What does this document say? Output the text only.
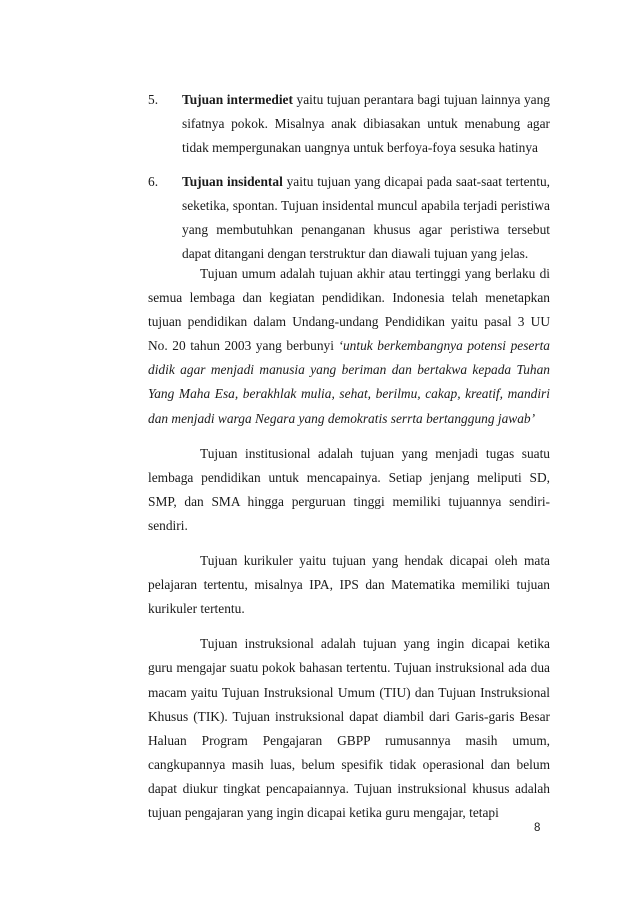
5. Tujuan intermediet yaitu tujuan perantara bagi tujuan lainnya yang sifatnya pokok. Misalnya anak dibiasakan untuk menabung agar tidak mempergunakan uangnya untuk berfoya-foya sesuka hatinya
6. Tujuan insidental yaitu tujuan yang dicapai pada saat-saat tertentu, seketika, spontan. Tujuan insidental muncul apabila terjadi peristiwa yang membutuhkan penanganan khusus agar peristiwa tersebut dapat ditangani dengan terstruktur dan diawali tujuan yang jelas.

Tujuan umum adalah tujuan akhir atau tertinggi yang berlaku di semua lembaga dan kegiatan pendidikan. Indonesia telah menetapkan tujuan pendidikan dalam Undang-undang Pendidikan yaitu pasal 3 UU No. 20 tahun 2003 yang berbunyi ‘untuk berkembangnya potensi peserta didik agar menjadi manusia yang beriman dan bertakwa kepada Tuhan Yang Maha Esa, berakhlak mulia, sehat, berilmu, cakap, kreatif, mandiri dan menjadi warga Negara yang demokratis serrta bertanggung jawab’

Tujuan institusional adalah tujuan yang menjadi tugas suatu lembaga pendidikan untuk mencapainya. Setiap jenjang meliputi SD, SMP, dan SMA hingga perguruan tinggi memiliki tujuannya sendiri-sendiri.

Tujuan kurikuler yaitu tujuan yang hendak dicapai oleh mata pelajaran tertentu, misalnya IPA, IPS dan Matematika memiliki tujuan kurikuler tertentu.

Tujuan instruksional adalah tujuan yang ingin dicapai ketika guru mengajar suatu pokok bahasan tertentu. Tujuan instruksional ada dua macam yaitu Tujuan Instruksional Umum (TIU) dan Tujuan Instruksional Khusus (TIK). Tujuan instruksional dapat diambil dari Garis-garis Besar Haluan Program Pengajaran GBPP rumusannya masih umum, cangkupannya masih luas, belum spesifik tidak operasional dan belum dapat diukur tingkat pencapaiannya. Tujuan instruksional khusus adalah tujuan pengajaran yang ingin dicapai ketika guru mengajar, tetapi

8
